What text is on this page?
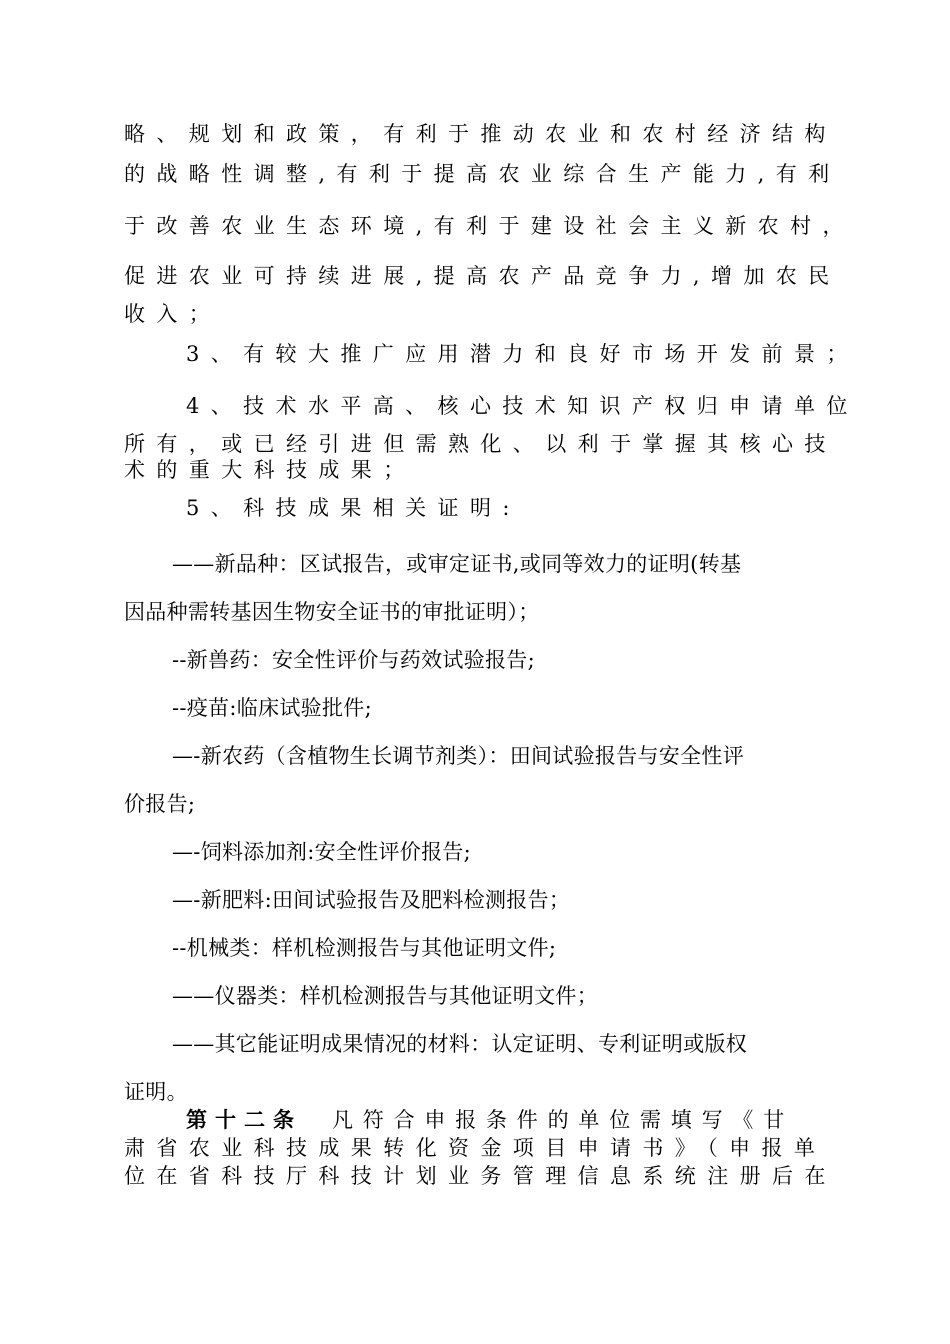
略、规划和政策，有利于推动农业和农村经济结构

的战略性调整,有利于提高农业综合生产能力,有利

于改善农业生态环境,有利于建设社会主义新农村，

促进农业可持续进展,提高农产品竞争力,增加农民

收入；

3、有较大推广应用潜力和良好市场开发前景；

4、技术水平高、核心技术知识产权归申请单位

所有，或已经引进但需熟化、以利于掌握其核心技

术的重大科技成果；

5、科技成果相关证明:

——新品种：区试报告，或审定证书,或同等效力的证明(转基

因品种需转基因生物安全证书的审批证明）；

--新兽药：安全性评价与药效试验报告;

--疫苗:临床试验批件;

—-新农药（含植物生长调节剂类）：田间试验报告与安全性评

价报告;

—-饲料添加剂:安全性评价报告;

—-新肥料:田间试验报告及肥料检测报告；

--机械类：样机检测报告与其他证明文件;

——仪器类：样机检测报告与其他证明文件；

——其它能证明成果情况的材料：认定证明、专利证明或版权

证明。

第十二条 凡符合申报条件的单位需填写《甘

肃省农业科技成果转化资金项目申请书》（申报单

位在省科技厅科技计划业务管理信息系统注册后在
